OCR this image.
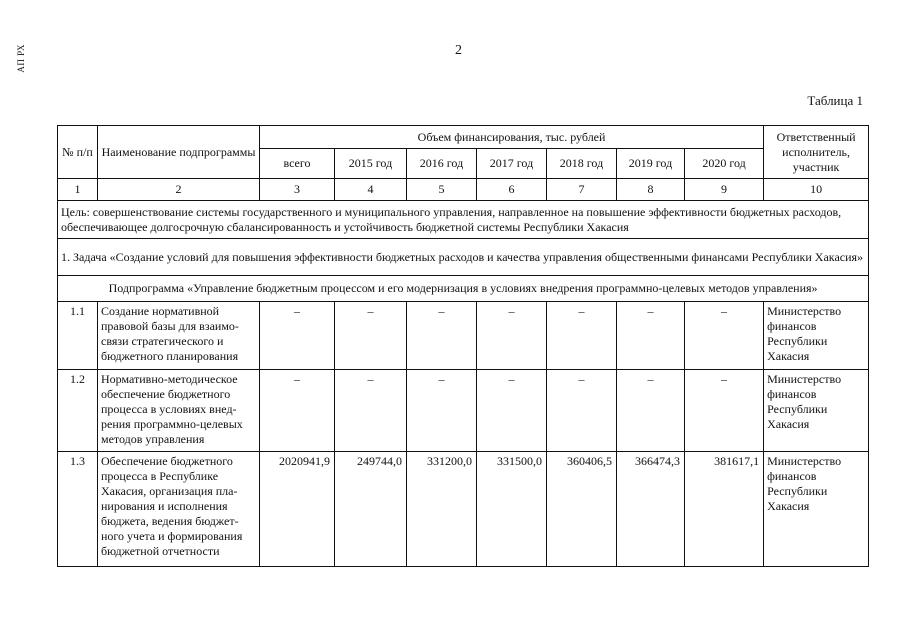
АП РХ	2
Таблица 1
№ п/п	Наименование подпрограммы	Объем финансирования, тыс. рублей							Ответственный исполнитель, участник
		всего	2015 год	2016 год	2017 год	2018 год	2019 год	2020 год	
1	2	3	4	5	6	7	8	9	10
Цель: совершенствование системы государственного и муниципального управления, направленное на повышение эффективности бюджетных расходов, обеспечивающее долгосрочную сбалансированность и устойчивость бюджетной системы Республики Хакасия									
1. Задача «Создание условий для повышения эффективности бюджетных расходов и качества управления общественными финансами Республики Хакасия»									
Подпрограмма «Управление бюджетным процессом и его модернизация в условиях внедрения программно-целевых методов управления»									
1.1	Создание нормативной правовой базы для взаимо-связи стратегического и бюджетного планирования	–	–	–	–	–	–	–	Министерство финансов Республики Хакасия
1.2	Нормативно-методическое обеспечение бюджетного процесса в условиях внед-рения программно-целевых методов управления	–	–	–	–	–	–	–	Министерство финансов Республики Хакасия
1.3	Обеспечение бюджетного процесса в Республике Хакасия, организация пла-нирования и исполнения бюджета, ведения бюджет-ного учета и формирования бюджетной отчетности	2020941,9	249744,0	331200,0	331500,0	360406,5	366474,3	381617,1	Министерство финансов Республики Хакасия
